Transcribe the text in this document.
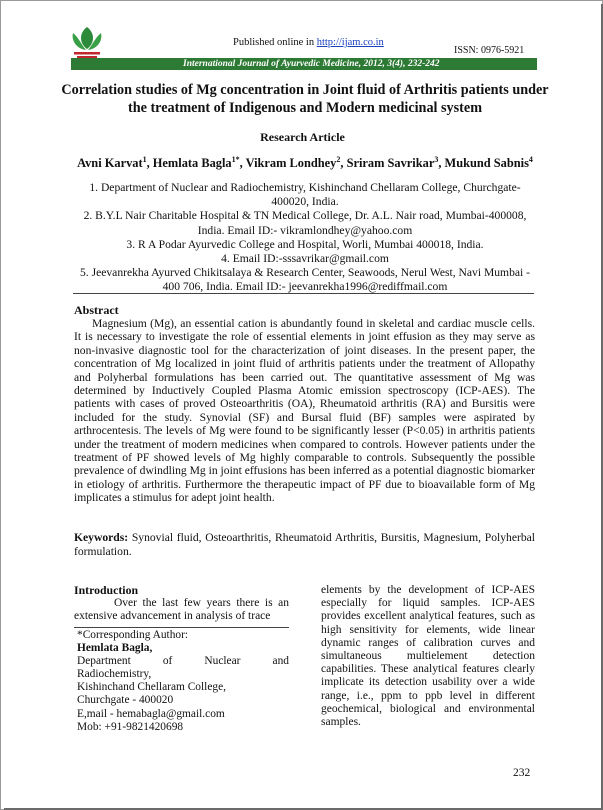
Published online in http://ijam.co.in
ISSN: 0976-5921
International Journal of Ayurvedic Medicine, 2012, 3(4), 232-242
Correlation studies of Mg concentration in Joint fluid of Arthritis patients under the treatment of Indigenous and Modern medicinal system
Research Article
Avni Karvat$^1$, Hemlata Bagla$^{1*}$, Vikram Londhey$^2$, Sriram Savrikar$^3$, Mukund Sabnis$^4$
1. Department of Nuclear and Radiochemistry, Kishinchand Chellaram College, Churchgate- 400020, India.
2. B.Y.L Nair Charitable Hospital & TN Medical College, Dr. A.L. Nair road, Mumbai-400008, India. Email ID:- vikramlondhey@yahoo.com
3. R A Podar Ayurvedic College and Hospital, Worli, Mumbai 400018, India.
4. Email ID:-sssavrikar@gmail.com
5. Jeevanrekha Ayurved Chikitsalaya & Research Center, Seawoods, Nerul West, Navi Mumbai - 400 706, India. Email ID:- jeevanrekha1996@rediffmail.com
Abstract
Magnesium (Mg), an essential cation is abundantly found in skeletal and cardiac muscle cells. It is necessary to investigate the role of essential elements in joint effusion as they may serve as non-invasive diagnostic tool for the characterization of joint diseases. In the present paper, the concentration of Mg localized in joint fluid of arthritis patients under the treatment of Allopathy and Polyherbal formulations has been carried out. The quantitative assessment of Mg was determined by Inductively Coupled Plasma Atomic emission spectroscopy (ICP-AES). The patients with cases of proved Osteoarthritis (OA), Rheumatoid arthritis (RA) and Bursitis were included for the study. Synovial (SF) and Bursal fluid (BF) samples were aspirated by arthrocentesis. The levels of Mg were found to be significantly lesser (P<0.05) in arthritis patients under the treatment of modern medicines when compared to controls. However patients under the treatment of PF showed levels of Mg highly comparable to controls. Subsequently the possible prevalence of dwindling Mg in joint effusions has been inferred as a potential diagnostic biomarker in etiology of arthritis. Furthermore the therapeutic impact of PF due to bioavailable form of Mg implicates a stimulus for adept joint health.
Keywords: Synovial fluid, Osteoarthritis, Rheumatoid Arthritis, Bursitis, Magnesium, Polyherbal formulation.
Introduction
Over the last few years there is an extensive advancement in analysis of trace
*Corresponding Author:
Hemlata Bagla,
Department of Nuclear and
Radiochemistry,
Kishinchand Chellaram College,
Churchgate - 400020
E,mail - hemabagla@gmail.com
Mob: +91-9821420698
elements by the development of ICP-AES especially for liquid samples. ICP-AES provides excellent analytical features, such as high sensitivity for elements, wide linear dynamic ranges of calibration curves and simultaneous multielement detection capabilities. These analytical features clearly implicate its detection usability over a wide range, i.e., ppm to ppb level in different geochemical, biological and environmental samples.
232
